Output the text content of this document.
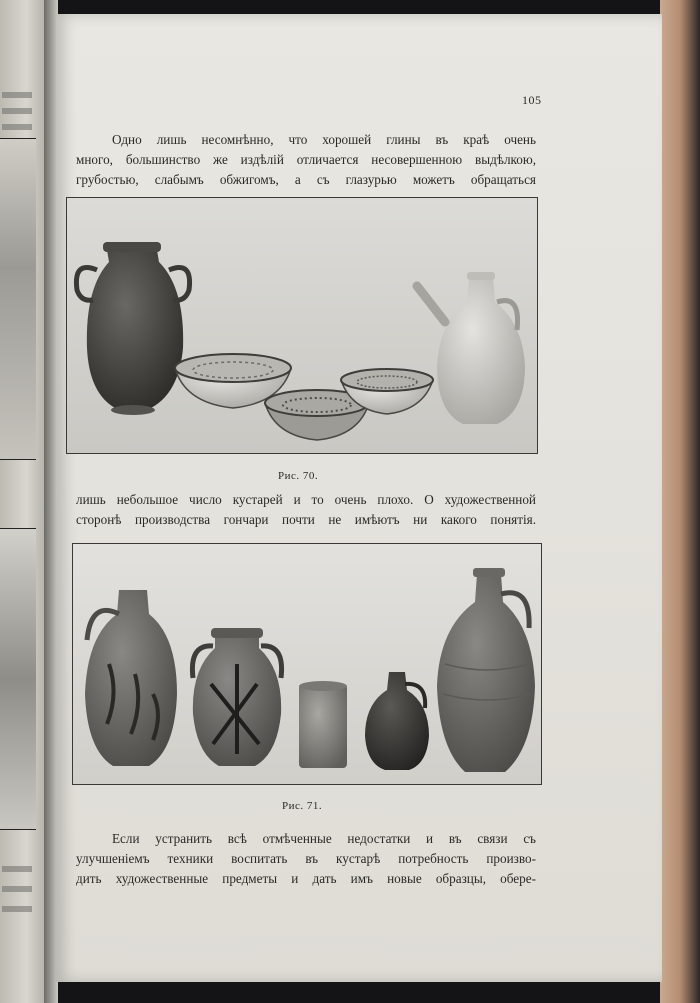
105

Одно лишь несомнѣнно, что хорошей глины въ краѣ очень
много, большинство же издѣлій отличается несовершенною выдѣлкою,
грубостью, слабымъ обжигомъ, а съ глазурью можетъ обращаться

Рис. 70.

лишь небольшое число кустарей и то очень плохо. О художественной
сторонѣ производства гончари почти не имѣютъ ни какого понятія.

Рис. 71.

Если устранить всѣ отмѣченные недостатки и въ связи съ
улучшеніемъ техники воспитать въ кустарѣ потребность произво-
дить художественные предметы и дать имъ новые образцы, обере-
